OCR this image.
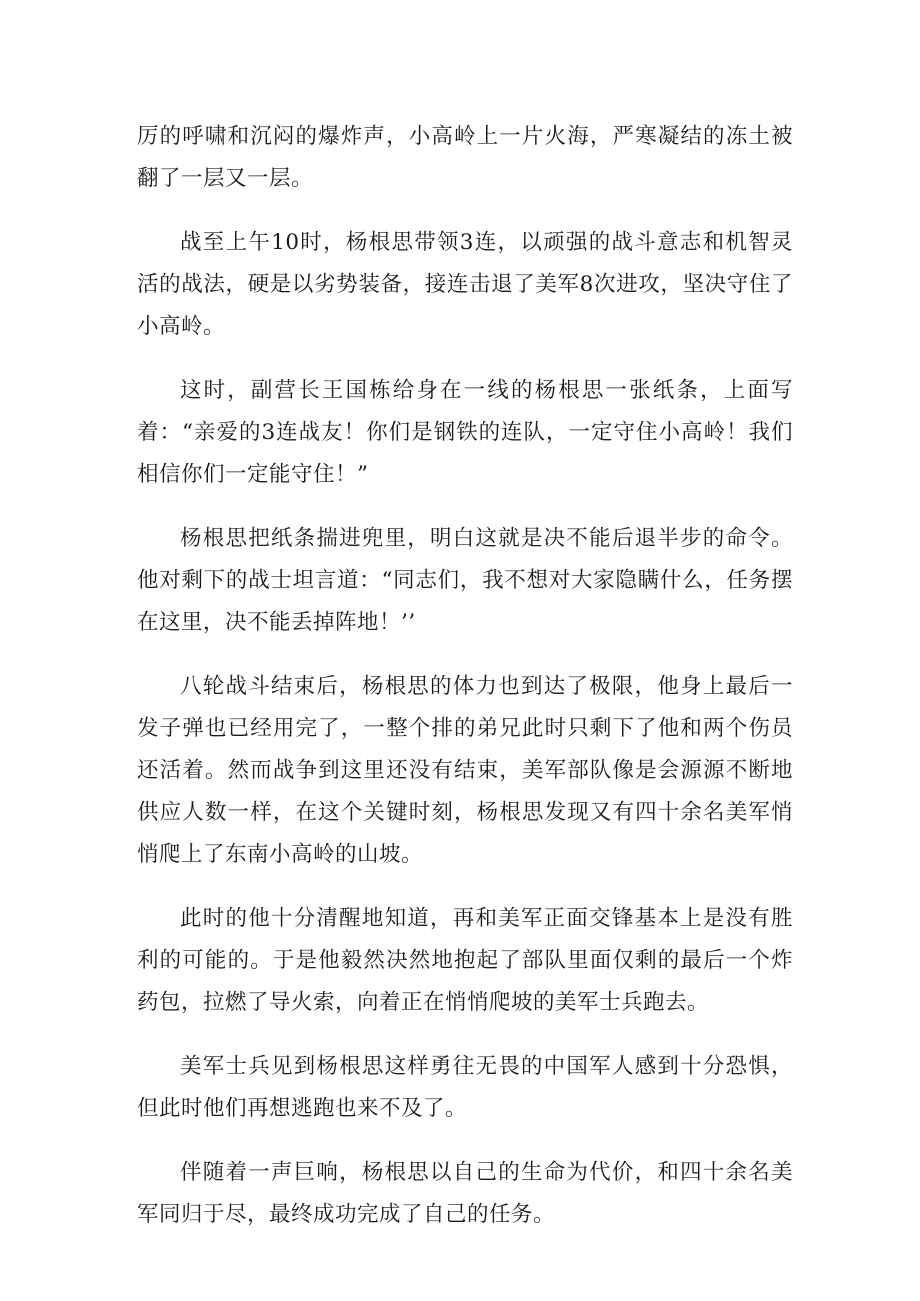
厉的呼啸和沉闷的爆炸声，小高岭上一片火海，严寒凝结的冻土被翻了一层又一层。

战至上午10时，杨根思带领3连，以顽强的战斗意志和机智灵活的战法，硬是以劣势装备，接连击退了美军8次进攻，坚决守住了小高岭。

这时，副营长王国栋给身在一线的杨根思一张纸条，上面写着：“亲爱的3连战友！你们是钢铁的连队，一定守住小高岭！我们相信你们一定能守住！”

杨根思把纸条揣进兜里，明白这就是决不能后退半步的命令。他对剩下的战士坦言道：“同志们，我不想对大家隐瞒什么，任务摆在这里，决不能丢掉阵地！’’

八轮战斗结束后，杨根思的体力也到达了极限，他身上最后一发子弹也已经用完了，一整个排的弟兄此时只剩下了他和两个伤员还活着。然而战争到这里还没有结束，美军部队像是会源源不断地供应人数一样，在这个关键时刻，杨根思发现又有四十余名美军悄悄爬上了东南小高岭的山坡。

此时的他十分清醒地知道，再和美军正面交锋基本上是没有胜利的可能的。于是他毅然决然地抱起了部队里面仅剩的最后一个炸药包，拉燃了导火索，向着正在悄悄爬坡的美军士兵跑去。

美军士兵见到杨根思这样勇往无畏的中国军人感到十分恐惧，但此时他们再想逃跑也来不及了。

伴随着一声巨响，杨根思以自己的生命为代价，和四十余名美军同归于尽，最终成功完成了自己的任务。
